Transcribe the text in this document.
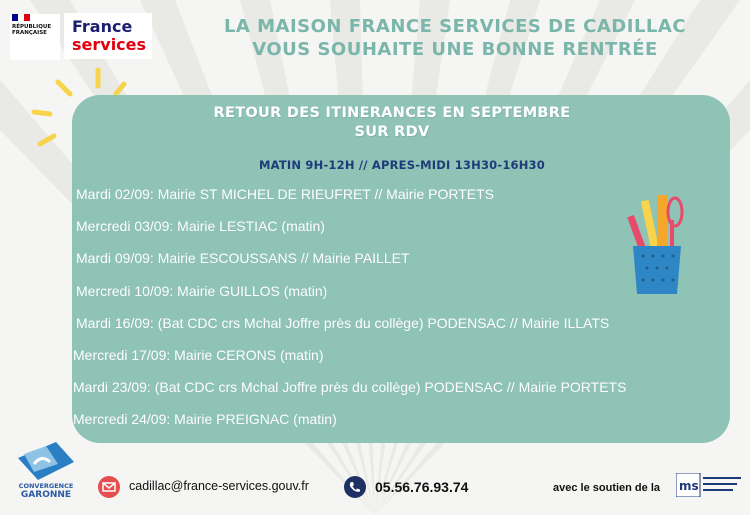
RÉPUBLIQUE
FRANÇAISE	France
services
LA MAISON FRANCE SERVICES DE CADILLAC
VOUS SOUHAITE UNE BONNE RENTRÉE
RETOUR DES ITINERANCES EN SEPTEMBRE
SUR RDV
MATIN 9H-12H // APRES-MIDI 13H30-16H30
Mardi 02/09: Mairie ST MICHEL DE RIEUFRET // Mairie PORTETS
Mercredi 03/09: Mairie LESTIAC (matin)
Mardi 09/09: Mairie ESCOUSSANS // Mairie PAILLET
Mercredi 10/09: Mairie GUILLOS (matin)
Mardi 16/09: (Bat CDC crs Mchal Joffre près du collège) PODENSAC // Mairie ILLATS
Mercredi 17/09: Mairie CERONS (matin)
Mardi 23/09: (Bat CDC crs Mchal Joffre près du collège) PODENSAC // Mairie PORTETS
Mercredi 24/09: Mairie PREIGNAC (matin)
CONVERGENCE
GARONNE
cadillac@france-services.gouv.fr	05.56.76.93.74	avec le soutien de la ms
